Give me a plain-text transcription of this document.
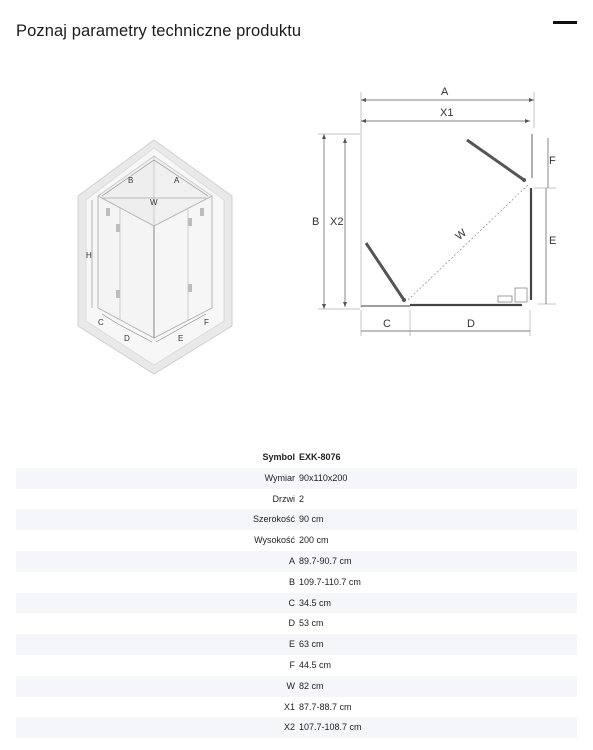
Poznaj parametry techniczne produktu
B	A
W
H
C
D	E
F
A
X1
B X2
F
E
W
C	D
Symbol	EXK-8076
Wymiar	90x110x200
Drzwi	2
Szerokość	90 cm
Wysokość	200 cm
A	89.7-90.7 cm
B	109.7-110.7 cm
C	34.5 cm
D	53 cm
E	63 cm
F	44.5 cm
W	82 cm
X1	87.7-88.7 cm
X2	107.7-108.7 cm
